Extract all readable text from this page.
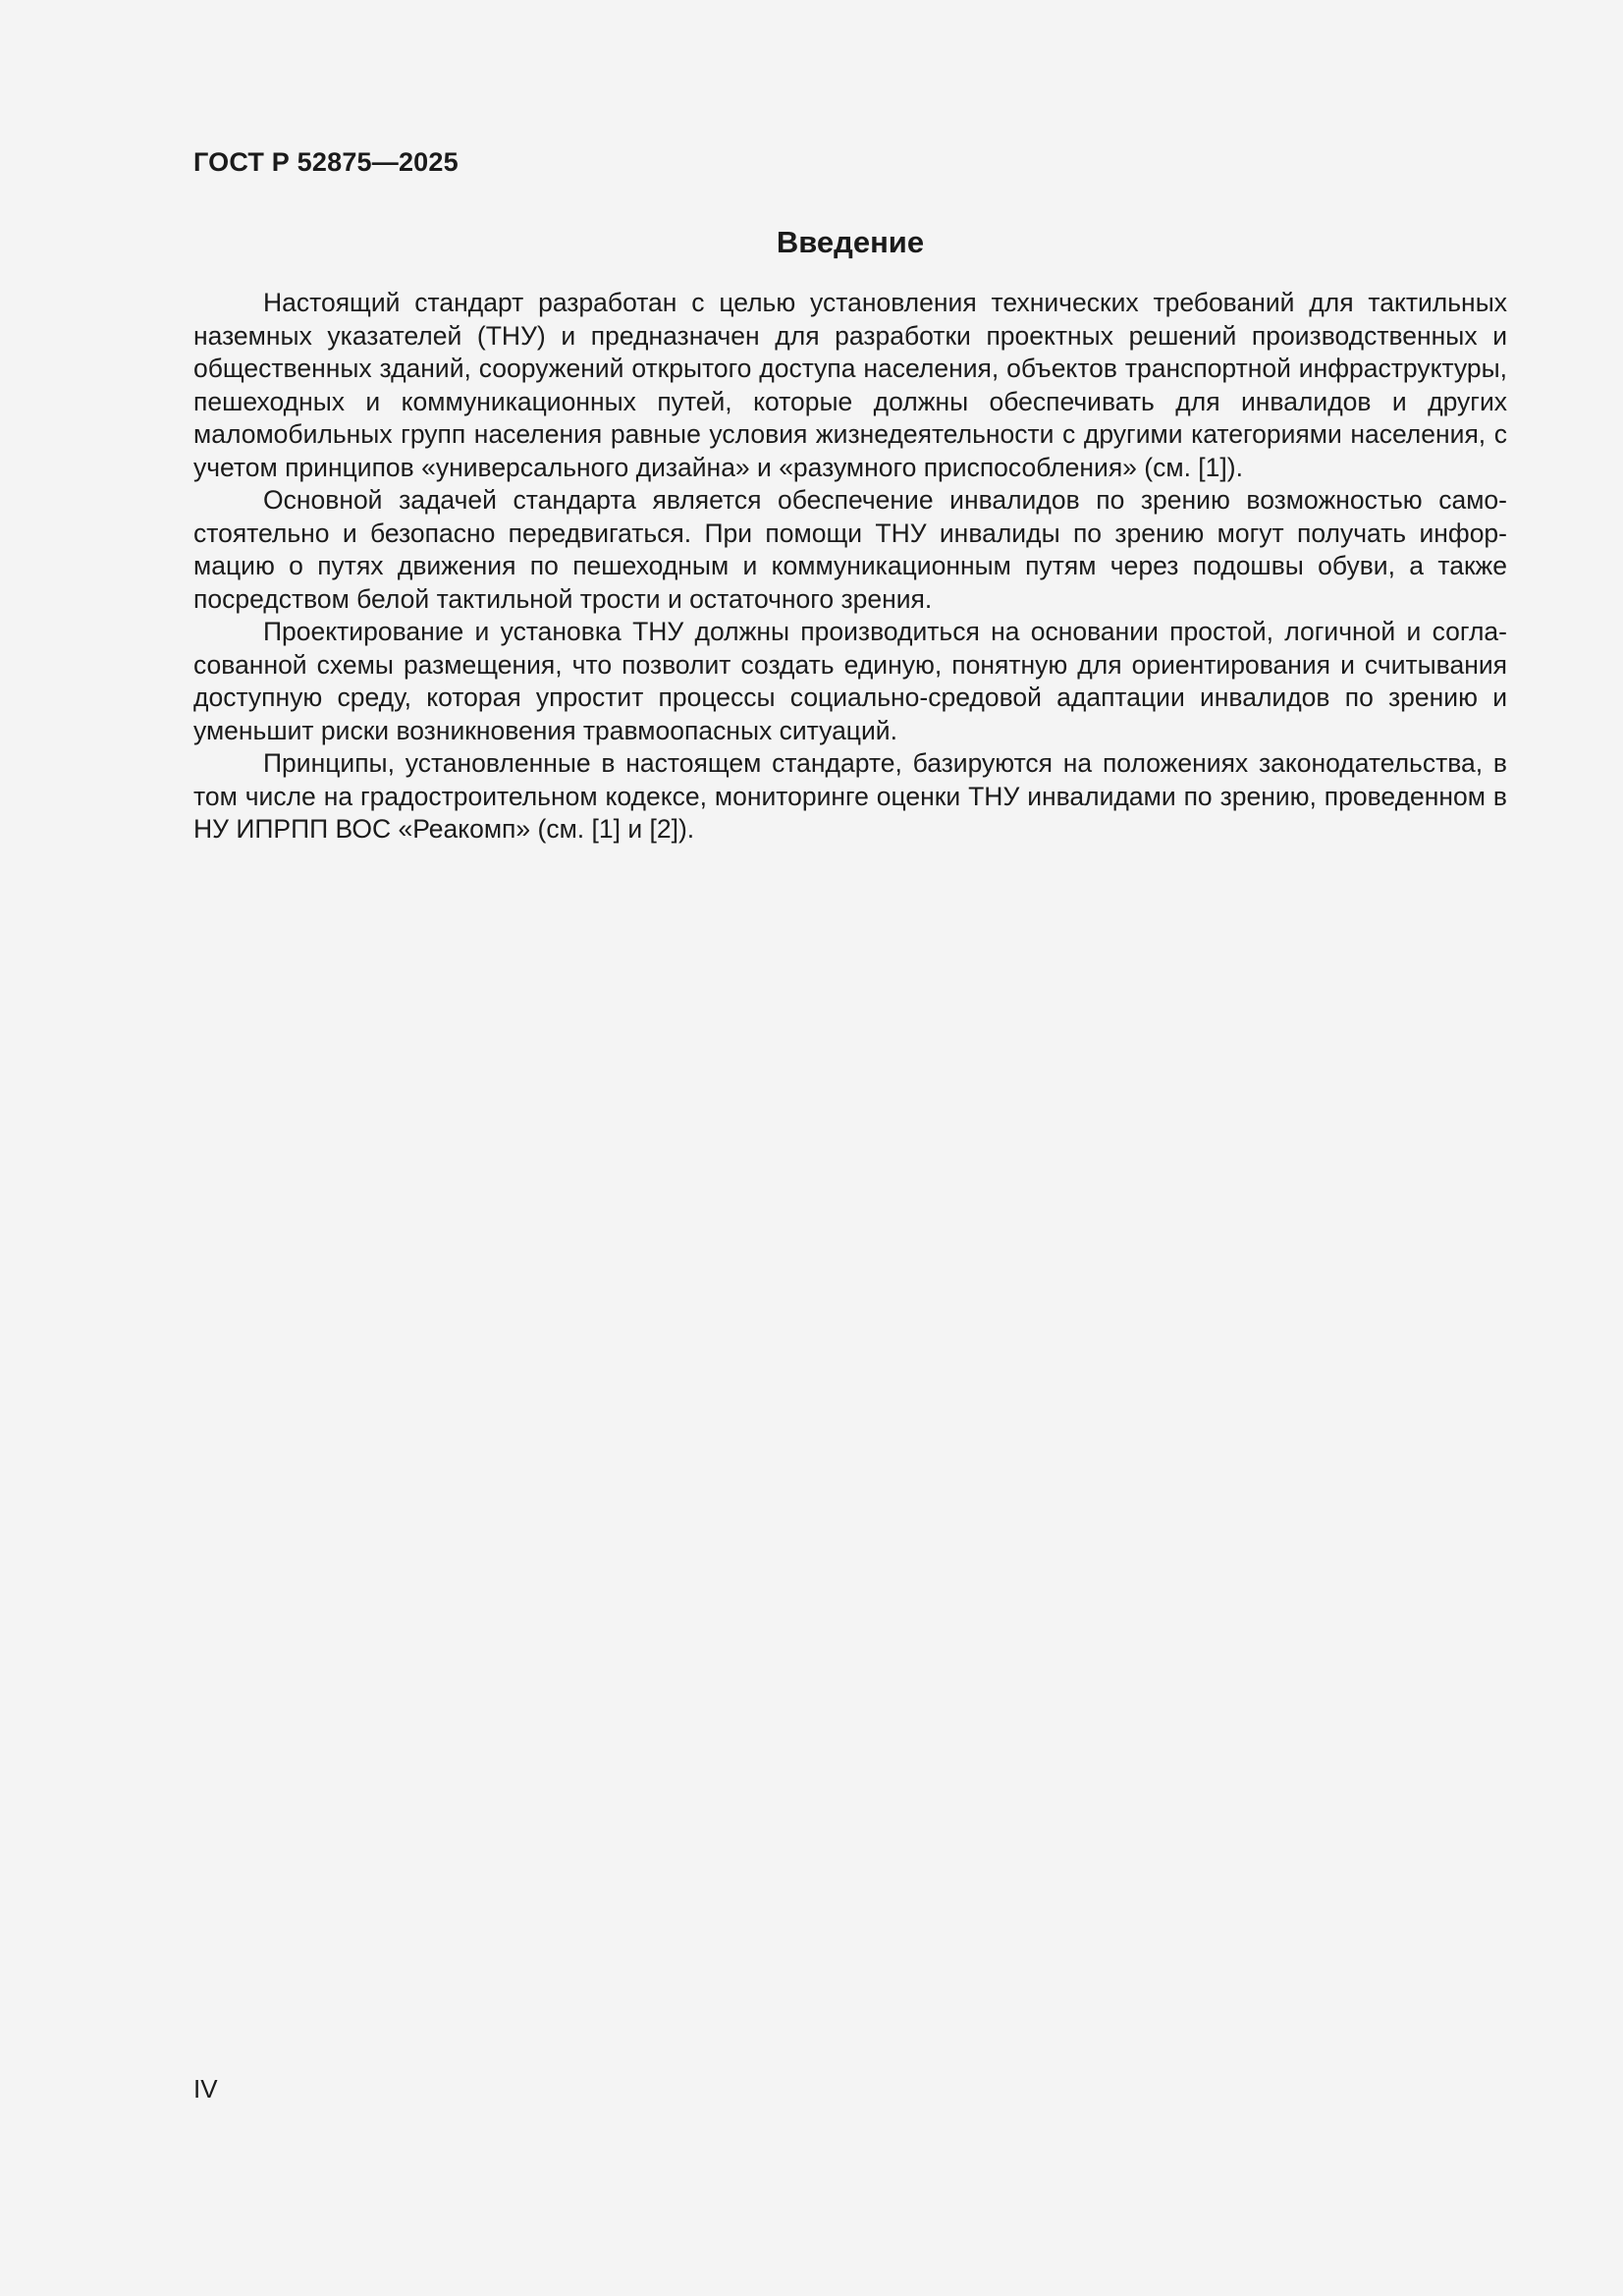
ГОСТ Р 52875—2025
Введение

Настоящий стандарт разработан с целью установления технических требований для тактильных наземных указателей (ТНУ) и предназначен для разработки проектных решений производственных и общественных зданий, сооружений открытого доступа населения, объектов транспортной инфраструктуры, пешеходных и коммуникационных путей, которые должны обеспечивать для инвалидов и других маломобильных групп населения равные условия жизнедеятельности с другими категориями населения, с учетом принципов «универсального дизайна» и «разумного приспособления» (см. [1]).

Основной задачей стандарта является обеспечение инвалидов по зрению возможностью самостоятельно и безопасно передвигаться. При помощи ТНУ инвалиды по зрению могут получать информацию о путях движения по пешеходным и коммуникационным путям через подошвы обуви, а также посредством белой тактильной трости и остаточного зрения.

Проектирование и установка ТНУ должны производиться на основании простой, логичной и согласованной схемы размещения, что позволит создать единую, понятную для ориентирования и считывания доступную среду, которая упростит процессы социально-средовой адаптации инвалидов по зрению и уменьшит риски возникновения травмоопасных ситуаций.

Принципы, установленные в настоящем стандарте, базируются на положениях законодательства, в том числе на градостроительном кодексе, мониторинге оценки ТНУ инвалидами по зрению, проведенном в НУ ИПРПП ВОС «Реакомп» (см. [1] и [2]).

IV
